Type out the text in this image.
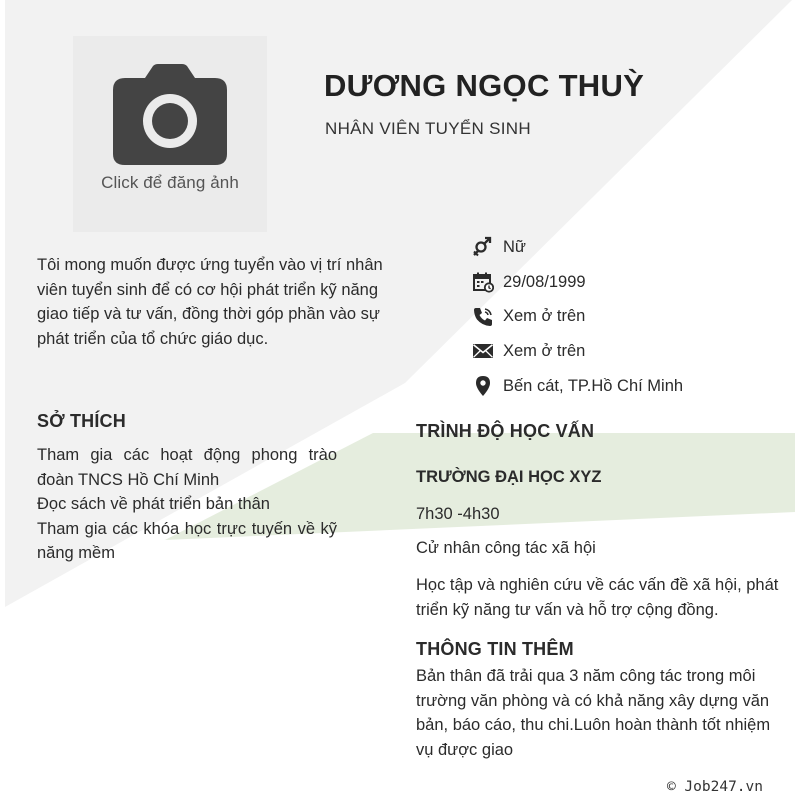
Click để đăng ảnh
DƯƠNG NGỌC THUỲ
NHÂN VIÊN TUYỂN SINH
Tôi mong muốn được ứng tuyển vào vị trí nhân viên tuyển sinh để có cơ hội phát triển kỹ năng giao tiếp và tư vấn, đồng thời góp phần vào sự phát triển của tổ chức giáo dục.
Nữ
29/08/1999
Xem ở trên
Xem ở trên
Bến cát, TP.Hồ Chí Minh
SỞ THÍCH
Tham gia các hoạt động phong trào đoàn TNCS Hồ Chí Minh
Đọc sách về phát triển bản thân
Tham gia các khóa học trực tuyến về kỹ năng mềm
TRÌNH ĐỘ HỌC VẤN
TRƯỜNG ĐẠI HỌC XYZ
7h30 -4h30
Cử nhân công tác xã hội
Học tập và nghiên cứu về các vấn đề xã hội, phát triển kỹ năng tư vấn và hỗ trợ cộng đồng.
THÔNG TIN THÊM
Bản thân đã trải qua 3 năm công tác trong môi trường văn phòng và có khả năng xây dựng văn bản, báo cáo, thu chi.Luôn hoàn thành tốt nhiệm vụ được giao
© Job247.vn
